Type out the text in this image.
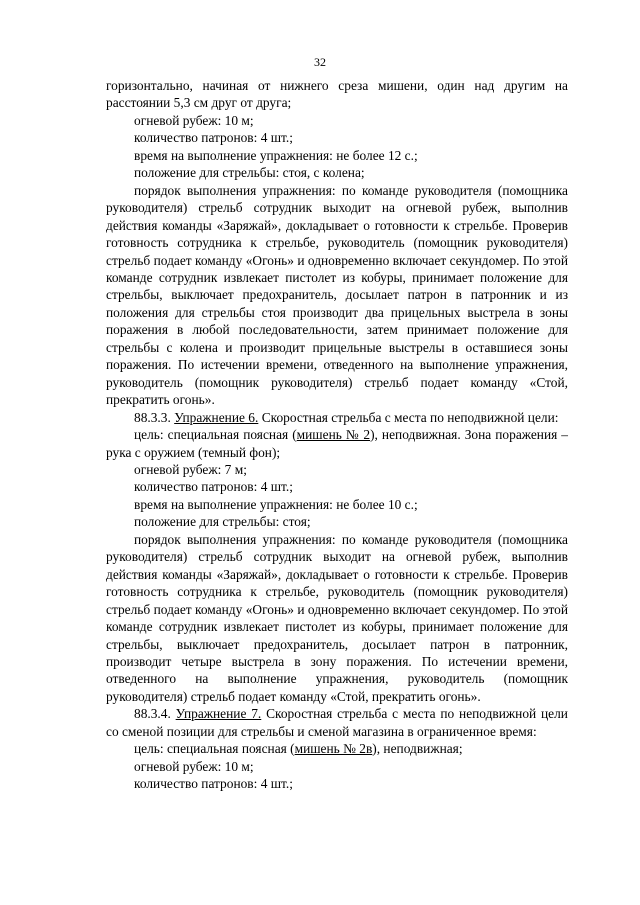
32

горизонтально, начиная от нижнего среза мишени, один над другим на расстоянии 5,3 см друг от друга;

огневой рубеж: 10 м;

количество патронов: 4 шт.;

время на выполнение упражнения: не более 12 с.;

положение для стрельбы: стоя, с колена;

порядок выполнения упражнения: по команде руководителя (помощника руководителя) стрельб сотрудник выходит на огневой рубеж, выполнив действия команды «Заряжай», докладывает о готовности к стрельбе. Проверив готовность сотрудника к стрельбе, руководитель (помощник руководителя) стрельб подает команду «Огонь» и одновременно включает секундомер. По этой команде сотрудник извлекает пистолет из кобуры, принимает положение для стрельбы, выключает предохранитель, досылает патрон в патронник и из положения для стрельбы стоя производит два прицельных выстрела в зоны поражения в любой последовательности, затем принимает положение для стрельбы с колена и производит прицельные выстрелы в оставшиеся зоны поражения. По истечении времени, отведенного на выполнение упражнения, руководитель (помощник руководителя) стрельб подает команду «Стой, прекратить огонь».

88.3.3. Упражнение 6. Скоростная стрельба с места по неподвижной цели:

цель: специальная поясная (мишень № 2), неподвижная. Зона поражения – рука с оружием (темный фон);

огневой рубеж: 7 м;

количество патронов: 4 шт.;

время на выполнение упражнения: не более 10 с.;

положение для стрельбы: стоя;

порядок выполнения упражнения: по команде руководителя (помощника руководителя) стрельб сотрудник выходит на огневой рубеж, выполнив действия команды «Заряжай», докладывает о готовности к стрельбе. Проверив готовность сотрудника к стрельбе, руководитель (помощник руководителя) стрельб подает команду «Огонь» и одновременно включает секундомер. По этой команде сотрудник извлекает пистолет из кобуры, принимает положение для стрельбы, выключает предохранитель, досылает патрон в патронник, производит четыре выстрела в зону поражения. По истечении времени, отведенного на выполнение упражнения, руководитель (помощник руководителя) стрельб подает команду «Стой, прекратить огонь».

88.3.4. Упражнение 7. Скоростная стрельба с места по неподвижной цели со сменой позиции для стрельбы и сменой магазина в ограниченное время:

цель: специальная поясная (мишень № 2в), неподвижная;

огневой рубеж: 10 м;

количество патронов: 4 шт.;
